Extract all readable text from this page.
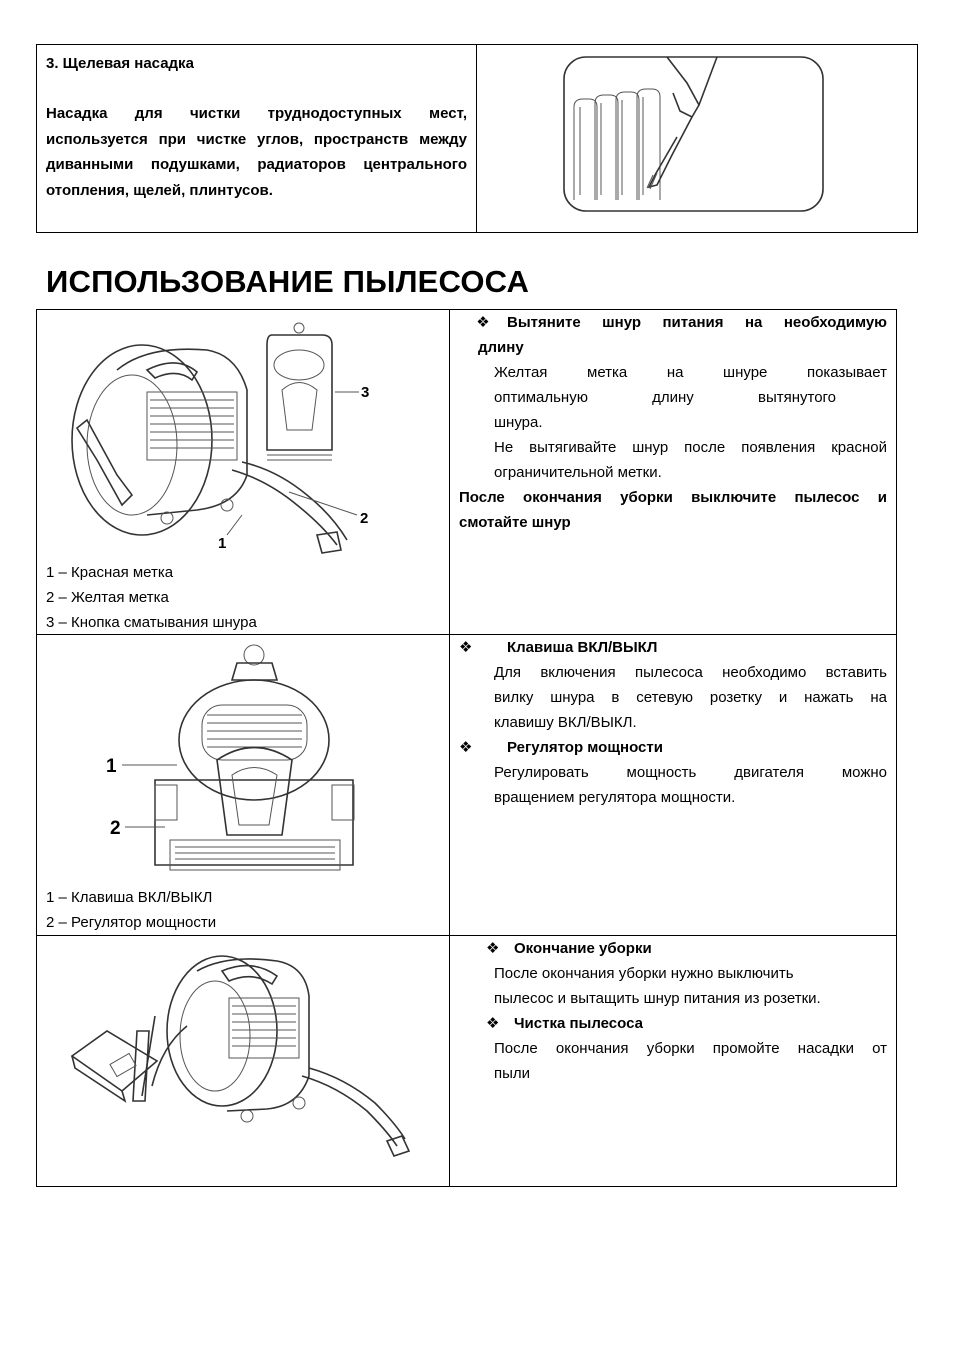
3. Щелевая насадка

Насадка для чистки труднодоступных мест, используется при чистке углов, пространств между диванными подушками, радиаторов центрального отопления, щелей, плинтусов.
ИСПОЛЬЗОВАНИЕ ПЫЛЕСОСА
1
2
3
1 – Красная метка
2 – Желтая метка
3 – Кнопка сматывания шнура
❖	Вытяните шнур питания на необходимую
длину
Желтая метка на шнуре показывает
оптимальную длину вытянутого шнура.
Не вытягивайте шнур после появления красной
ограничительной метки.
После окончания уборки выключите пылесос и
смотайте шнур
1
2
1 – Клавиша ВКЛ/ВЫКЛ
2 – Регулятор мощности
❖	Клавиша ВКЛ/ВЫКЛ
Для включения пылесоса необходимо вставить
вилку шнура в сетевую розетку и нажать на
клавишу ВКЛ/ВЫКЛ.
❖	Регулятор мощности
Регулировать мощность двигателя можно
вращением регулятора мощности.
❖ Окончание уборки
После окончания уборки нужно выключить
пылесос и вытащить шнур питания из розетки.
❖ Чистка пылесоса
После окончания уборки промойте насадки от
пыли
